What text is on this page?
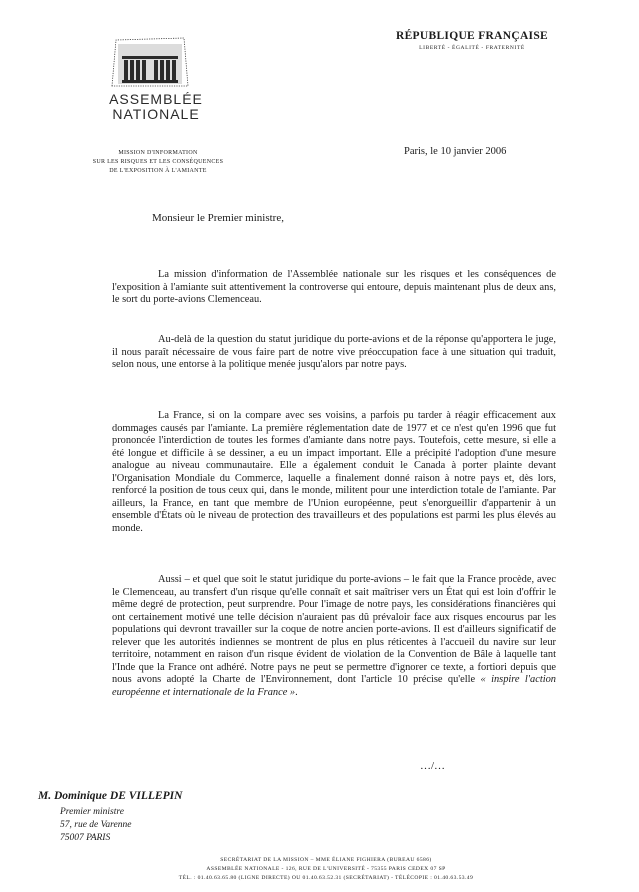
ASSEMBLÉE
NATIONALE
RÉPUBLIQUE FRANÇAISE
LIBERTÉ - ÉGALITÉ - FRATERNITÉ
MISSION D'INFORMATION
SUR LES RISQUES ET LES CONSÉQUENCES
DE L'EXPOSITION À L'AMIANTE
Paris, le 10 janvier 2006
Monsieur le Premier ministre,
La mission d'information de l'Assemblée nationale sur les risques et les conséquences de l'exposition à l'amiante suit attentivement la controverse qui entoure, depuis maintenant plus de deux ans, le sort du porte-avions Clemenceau.
Au-delà de la question du statut juridique du porte-avions et de la réponse qu'apportera le juge, il nous paraît nécessaire de vous faire part de notre vive préoccupation face à une situation qui traduit, selon nous, une entorse à la politique menée jusqu'alors par notre pays.
La France, si on la compare avec ses voisins, a parfois pu tarder à réagir efficacement aux dommages causés par l'amiante. La première réglementation date de 1977 et ce n'est qu'en 1996 que fut prononcée l'interdiction de toutes les formes d'amiante dans notre pays. Toutefois, cette mesure, si elle a été longue et difficile à se dessiner, a eu un impact important. Elle a précipité l'adoption d'une mesure analogue au niveau communautaire. Elle a également conduit le Canada à porter plainte devant l'Organisation Mondiale du Commerce, laquelle a finalement donné raison à notre pays et, dès lors, renforcé la position de tous ceux qui, dans le monde, militent pour une interdiction totale de l'amiante. Par ailleurs, la France, en tant que membre de l'Union européenne, peut s'enorgueillir d'appartenir à un ensemble d'États où le niveau de protection des travailleurs et des populations est parmi les plus élevés au monde.
Aussi – et quel que soit le statut juridique du porte-avions – le fait que la France procède, avec le Clemenceau, au transfert d'un risque qu'elle connaît et sait maîtriser vers un État qui est loin d'offrir le même degré de protection, peut surprendre. Pour l'image de notre pays, les considérations financières qui ont certainement motivé une telle décision n'auraient pas dû prévaloir face aux risques encourus par les populations qui devront travailler sur la coque de notre ancien porte-avions. Il est d'ailleurs significatif de relever que les autorités indiennes se montrent de plus en plus réticentes à l'accueil du navire sur leur territoire, notamment en raison d'un risque évident de violation de la Convention de Bâle à laquelle tant l'Inde que la France ont adhéré. Notre pays ne peut se permettre d'ignorer ce texte, a fortiori depuis que nous avons adopté la Charte de l'Environnement, dont l'article 10 précise qu'elle « inspire l'action européenne et internationale de la France ».
…/…
M. Dominique DE VILLEPIN
Premier ministre
57, rue de Varenne
75007 PARIS
SECRÉTARIAT DE LA MISSION – MME ÉLIANE FIGHIERA (BUREAU 6586)
ASSEMBLÉE NATIONALE - 126, RUE DE L'UNIVERSITÉ - 75355 PARIS CEDEX 07 SP
TÉL. : 01.40.63.65.80 (LIGNE DIRECTE) OU 01.40.63.52.31 (SECRÉTARIAT) - TÉLÉCOPIE : 01.40.63.53.49
